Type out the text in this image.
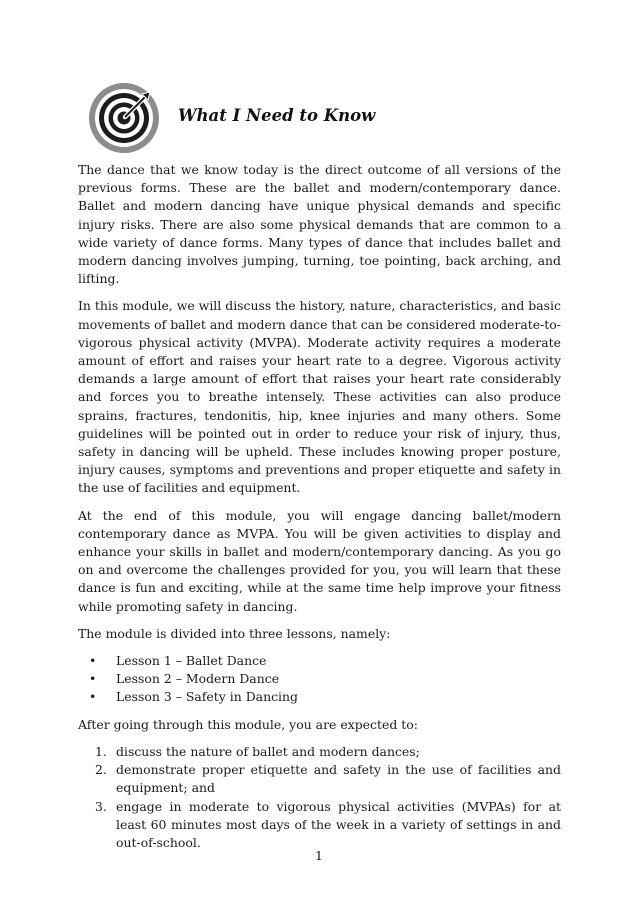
What I Need to Know

The dance that we know today is the direct outcome of all versions of the previous forms. These are the ballet and modern/contemporary dance. Ballet and modern dancing have unique physical demands and specific injury risks. There are also some physical demands that are common to a wide variety of dance forms. Many types of dance that includes ballet and modern dancing involves jumping, turning, toe pointing, back arching, and lifting.

In this module, we will discuss the history, nature, characteristics, and basic movements of ballet and modern dance that can be considered moderate-to-vigorous physical activity (MVPA). Moderate activity requires a moderate amount of effort and raises your heart rate to a degree. Vigorous activity demands a large amount of effort that raises your heart rate considerably and forces you to breathe intensely. These activities can also produce sprains, fractures, tendonitis, hip, knee injuries and many others. Some guidelines will be pointed out in order to reduce your risk of injury, thus, safety in dancing will be upheld. These includes knowing proper posture, injury causes, symptoms and preventions and proper etiquette and safety in the use of facilities and equipment.

At the end of this module, you will engage dancing ballet/modern contemporary dance as MVPA. You will be given activities to display and enhance your skills in ballet and modern/contemporary dancing. As you go on and overcome the challenges provided for you, you will learn that these dance is fun and exciting, while at the same time help improve your fitness while promoting safety in dancing.

The module is divided into three lessons, namely:

• Lesson 1 – Ballet Dance
• Lesson 2 – Modern Dance
• Lesson 3 – Safety in Dancing

After going through this module, you are expected to:

1. discuss the nature of ballet and modern dances;
2. demonstrate proper etiquette and safety in the use of facilities and equipment; and
3. engage in moderate to vigorous physical activities (MVPAs) for at least 60 minutes most days of the week in a variety of settings in and out-of-school.
1
